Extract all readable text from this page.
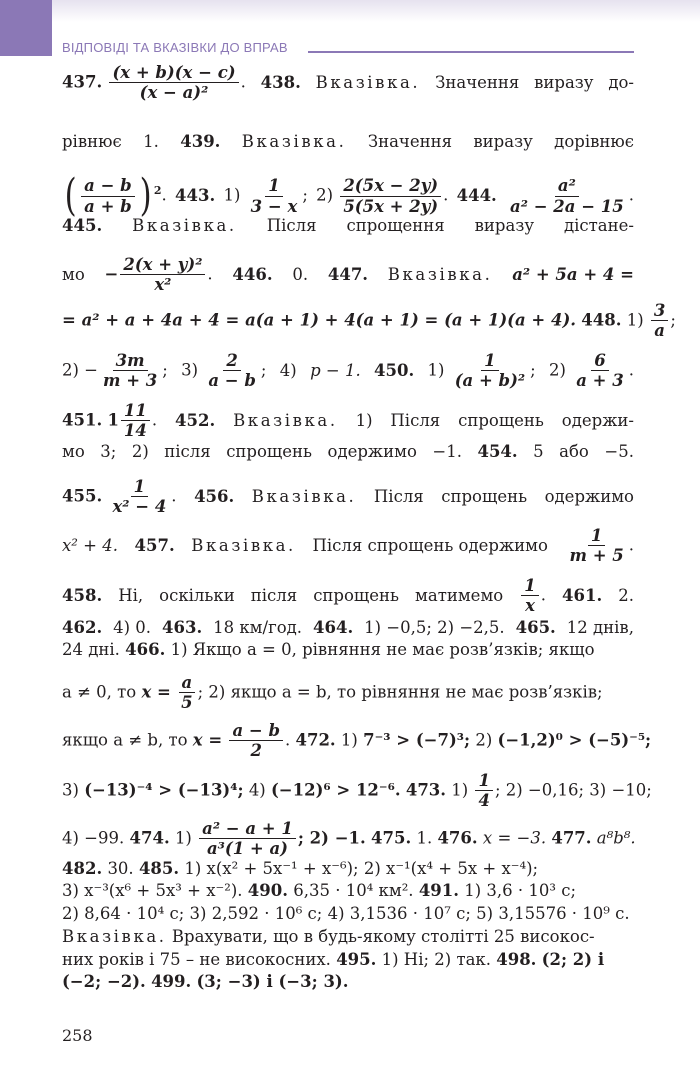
ВІДПОВІДІ ТА ВКАЗІВКИ ДО ВПРАВ
437. $\frac{(x + b)(x - c)}{\text{(x − a)²}}$ . 438. Вказівка. Значення виразу до-
рівнює 1. 439. Вказівка. Значення виразу дорівнює
( $\frac{a - b}{a + b}$ ) $^2$. 443. $1) \frac{1}{3 - x}$ ; $2) \frac{2(5x - 2y)}{5(5x + 2y)}$ . 444. $\frac{\text{a²}}{\text{a² − 2a − 15}}$ .
445. Вказівка. Після спрощення виразу дістане-
мо − $\frac{\text{2(x + y)²}}{\text{x²}}$ . 446. 0. 447. Вказівка. a² + 5a + 4 =
= a² + a + 4a + 4 = a(a + 1) + 4(a + 1) = (a + 1)(a + 4). 448. $1) \frac{3}{a}$ ;
$2) - \frac{3m}{m + 3}$ ; $3) \frac{2}{a - b}$ ; 4) p − 1. 450. $1) \frac{1}{\text{(a + b)²}}$ ; $2) \frac{6}{a + 3}$ .
451. $1 \frac{11}{14}$ . 452. Вказівка. 1) Після спрощень одержи-
мо 3; 2) після спрощень одержимо −1. 454. 5 або −5.
455. $\frac{1}{\text{x² − 4}}$ . 456. Вказівка. Після спрощень одержимо
x² + 4. 457. Вказівка. Після спрощень одержимо $\frac{1}{m + 5}$ .
458. Ні, оскільки після спрощень матимемо $\frac{1}{x}$ . 461. 2.
462. 4) 0. 463. 18 км/год. 464. 1) −0,5; 2) −2,5. 465. 12 днів,
24 дні. 466. 1) Якщо a = 0, рівняння не має розв’язків; якщо
a ≠ 0, то $x = \frac{a}{5}$ ; 2) якщо a = b, то рівняння не має розв’язків;
якщо a ≠ b, то $x = \frac{a - b}{2}$ . 472. 1) 7⁻³ > (−7)³; 2) (−1,2)⁰ > (−5)⁻⁵;
3) (−13)⁻⁴ > (−13)⁴; 4) (−12)⁶ > 12⁻⁶. 473. $1) \frac{1}{4}$ ; 2) −0,16; 3) −10;
4) −99. 474. $1) \frac{\text{a² − a + 1}}{\text{a³(1 + a)}}$ ; 2) −1. 475. 1. 476. x = −3. 477. a⁸b⁸.
482. 30. 485. 1) x(x² + 5x⁻¹ + x⁻⁶); 2) x⁻¹(x⁴ + 5x + x⁻⁴);
3) x⁻³(x⁶ + 5x³ + x⁻²). 490. 6,35 · 10⁴ км². 491. 1) 3,6 · 10³ с;
2) 8,64 · 10⁴ с; 3) 2,592 · 10⁶ с; 4) 3,1536 · 10⁷ с; 5) 3,15576 · 10⁹ с.
Вказівка. Врахувати, що в будь-якому столітті 25 високос-
них років і 75 – не високосних. 495. 1) Ні; 2) так. 498. (2; 2) і
(−2; −2). 499. (3; −3) і (−3; 3).
258
